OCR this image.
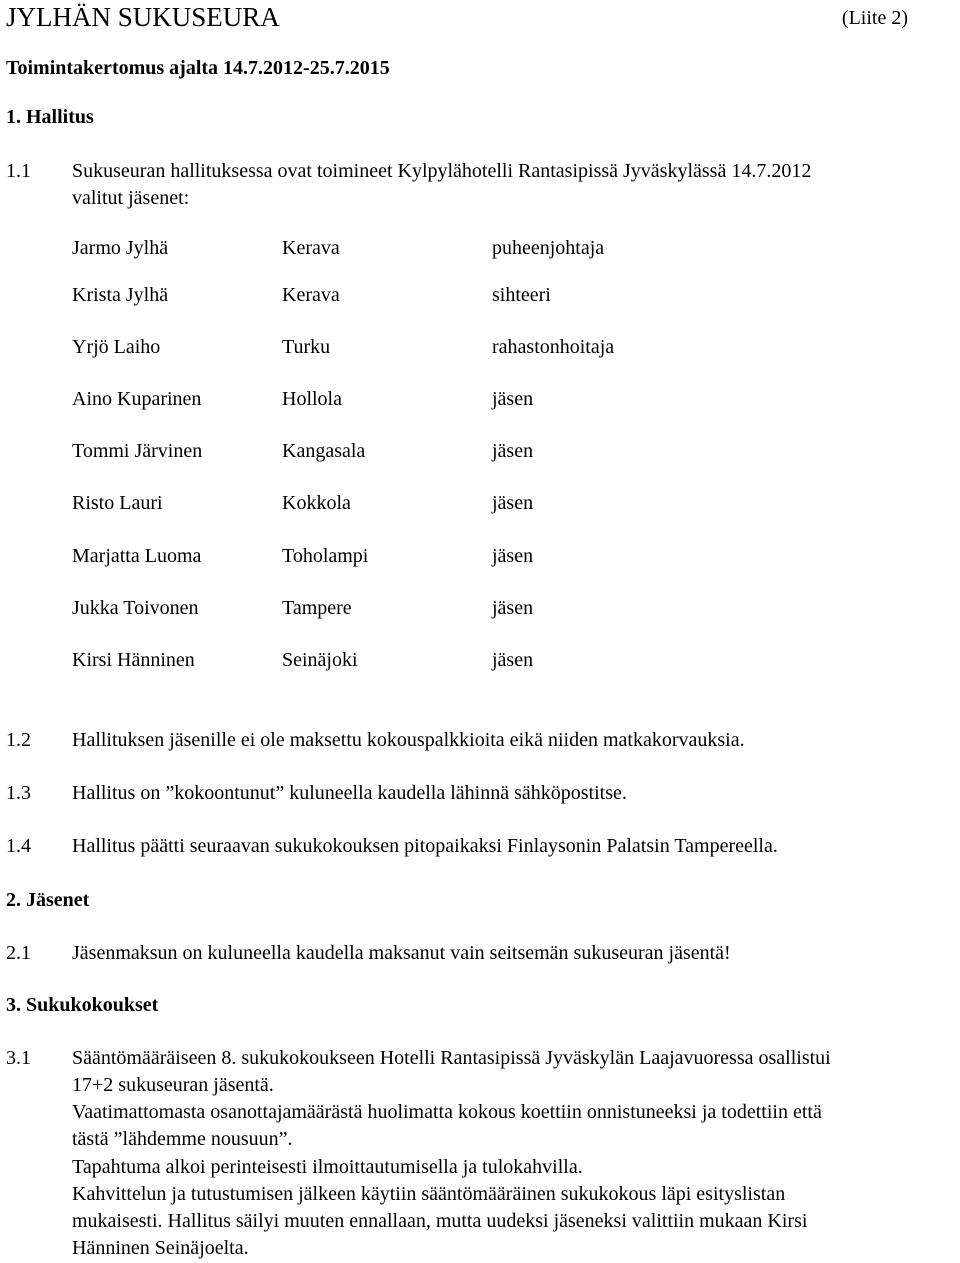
JYLHÄN SUKUSEURA	(Liite 2)
Toimintakertomus ajalta 14.7.2012-25.7.2015
1. Hallitus
1.1 Sukuseuran hallituksessa ovat toimineet Kylpylähotelli Rantasipissä Jyväskylässä 14.7.2012
valitut jäsenet:
Jarmo Jylhä	Kerava	puheenjohtaja
Krista Jylhä	Kerava	sihteeri
Yrjö Laiho	Turku	rahastonhoitaja
Aino Kuparinen	Hollola	jäsen
Tommi Järvinen	Kangasala	jäsen
Risto Lauri	Kokkola	jäsen
Marjatta Luoma	Toholampi	jäsen
Jukka Toivonen	Tampere	jäsen
Kirsi Hänninen	Seinäjoki	jäsen
1.2 Hallituksen jäsenille ei ole maksettu kokouspalkkioita eikä niiden matkakorvauksia.
1.3 Hallitus on ”kokoontunut” kuluneella kaudella lähinnä sähköpostitse.
1.4 Hallitus päätti seuraavan sukukokouksen pitopaikaksi Finlaysonin Palatsin Tampereella.
2. Jäsenet
2.1 Jäsenmaksun on kuluneella kaudella maksanut vain seitsemän sukuseuran jäsentä!
3. Sukukokoukset
3.1 Sääntömääräiseen 8. sukukokoukseen Hotelli Rantasipissä Jyväskylän Laajavuoressa osallistui
17+2 sukuseuran jäsentä.
Vaatimattomasta osanottajamäärästä huolimatta kokous koettiin onnistuneeksi ja todettiin että
tästä ”lähdemme nousuun”.
Tapahtuma alkoi perinteisesti ilmoittautumisella ja tulokahvilla.
Kahvittelun ja tutustumisen jälkeen käytiin sääntömääräinen sukukokous läpi esityslistan
mukaisesti. Hallitus säilyi muuten ennallaan, mutta uudeksi jäseneksi valittiin mukaan Kirsi
Hänninen Seinäjoelta.
